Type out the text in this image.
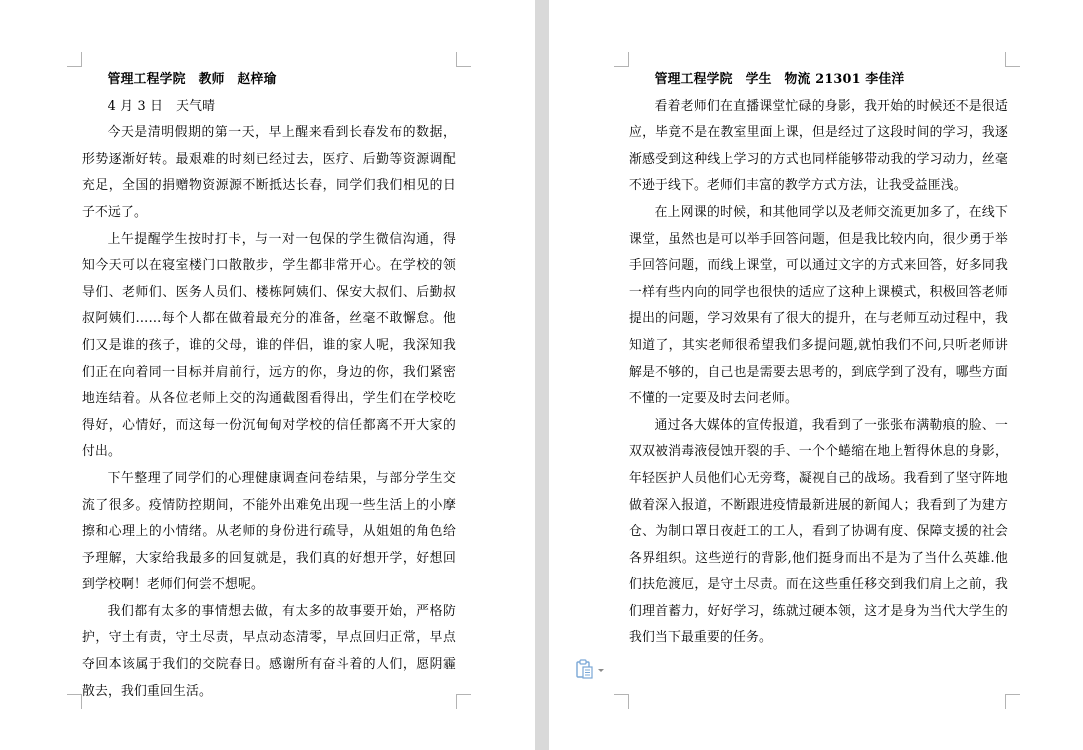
管理工程学院　教师　赵梓瑜

4 月 3 日　天气晴

今天是清明假期的第一天，早上醒来看到长春发布的数据，形势逐渐好转。最艰难的时刻已经过去，医疗、后勤等资源调配充足，全国的捐赠物资源源不断抵达长春，同学们我们相见的日子不远了。

上午提醒学生按时打卡，与一对一包保的学生微信沟通，得知今天可以在寝室楼门口散散步，学生都非常开心。在学校的领导们、老师们、医务人员们、楼栋阿姨们、保安大叔们、后勤叔叔阿姨们……每个人都在做着最充分的准备，丝毫不敢懈怠。他们又是谁的孩子，谁的父母，谁的伴侣，谁的家人呢，我深知我们正在向着同一目标并肩前行，远方的你，身边的你，我们紧密地连结着。从各位老师上交的沟通截图看得出，学生们在学校吃得好，心情好，而这每一份沉甸甸对学校的信任都离不开大家的付出。

下午整理了同学们的心理健康调查问卷结果，与部分学生交流了很多。疫情防控期间，不能外出难免出现一些生活上的小摩擦和心理上的小情绪。从老师的身份进行疏导，从姐姐的角色给予理解，大家给我最多的回复就是，我们真的好想开学，好想回到学校啊！老师们何尝不想呢。

我们都有太多的事情想去做，有太多的故事要开始，严格防护，守土有责，守土尽责，早点动态清零，早点回归正常，早点夺回本该属于我们的交院春日。感谢所有奋斗着的人们，愿阴霾散去，我们重回生活。

管理工程学院　学生　物流 21301 李佳洋

看着老师们在直播课堂忙碌的身影，我开始的时候还不是很适应，毕竟不是在教室里面上课，但是经过了这段时间的学习，我逐渐感受到这种线上学习的方式也同样能够带动我的学习动力，丝毫不逊于线下。老师们丰富的教学方式方法，让我受益匪浅。

在上网课的时候，和其他同学以及老师交流更加多了，在线下课堂，虽然也是可以举手回答问题，但是我比较内向，很少勇于举手回答问题，而线上课堂，可以通过文字的方式来回答，好多同我一样有些内向的同学也很快的适应了这种上课模式，积极回答老师提出的问题，学习效果有了很大的提升，在与老师互动过程中，我知道了，其实老师很希望我们多提问题,就怕我们不问,只听老师讲解是不够的，自己也是需要去思考的，到底学到了没有，哪些方面不懂的一定要及时去问老师。

通过各大媒体的宣传报道，我看到了一张张布满勒痕的脸、一双双被消毒液侵蚀开裂的手、一个个蜷缩在地上暂得休息的身影，年轻医护人员他们心无旁骛，凝视自己的战场。我看到了坚守阵地做着深入报道，不断跟进疫情最新进展的新闻人；我看到了为建方仓、为制口罩日夜赶工的工人，看到了协调有度、保障支援的社会各界组织。这些逆行的背影,他们挺身而出不是为了当什么英雄.他们扶危渡厄，是守土尽责。而在这些重任移交到我们肩上之前，我们理首蓄力，好好学习，练就过硬本领，这才是身为当代大学生的我们当下最重要的任务。
